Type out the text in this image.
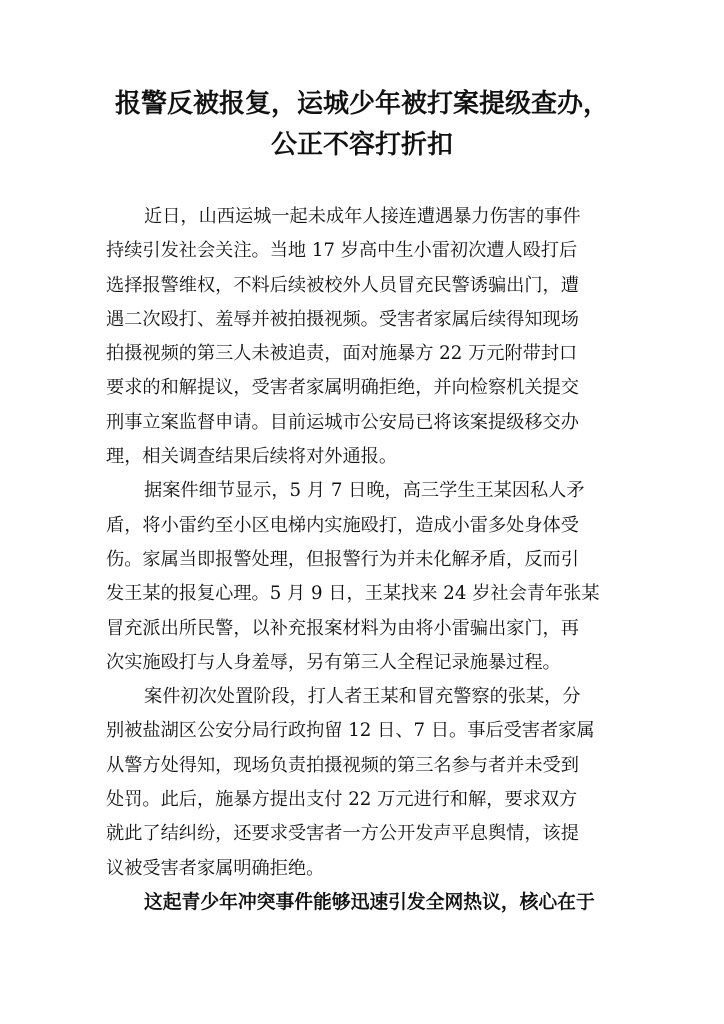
报警反被报复，运城少年被打案提级查办，
公正不容打折扣
近日，山西运城一起未成年人接连遭遇暴力伤害的事件
持续引发社会关注。当地 17 岁高中生小雷初次遭人殴打后
选择报警维权，不料后续被校外人员冒充民警诱骗出门，遭
遇二次殴打、羞辱并被拍摄视频。受害者家属后续得知现场
拍摄视频的第三人未被追责，面对施暴方 22 万元附带封口
要求的和解提议，受害者家属明确拒绝，并向检察机关提交
刑事立案监督申请。目前运城市公安局已将该案提级移交办
理，相关调查结果后续将对外通报。
据案件细节显示，5 月 7 日晚，高三学生王某因私人矛
盾，将小雷约至小区电梯内实施殴打，造成小雷多处身体受
伤。家属当即报警处理，但报警行为并未化解矛盾，反而引
发王某的报复心理。5 月 9 日，王某找来 24 岁社会青年张某
冒充派出所民警，以补充报案材料为由将小雷骗出家门，再
次实施殴打与人身羞辱，另有第三人全程记录施暴过程。
案件初次处置阶段，打人者王某和冒充警察的张某，分
别被盐湖区公安分局行政拘留 12 日、7 日。事后受害者家属
从警方处得知，现场负责拍摄视频的第三名参与者并未受到
处罚。此后，施暴方提出支付 22 万元进行和解，要求双方
就此了结纠纷，还要求受害者一方公开发声平息舆情，该提
议被受害者家属明确拒绝。
这起青少年冲突事件能够迅速引发全网热议，核心在于
